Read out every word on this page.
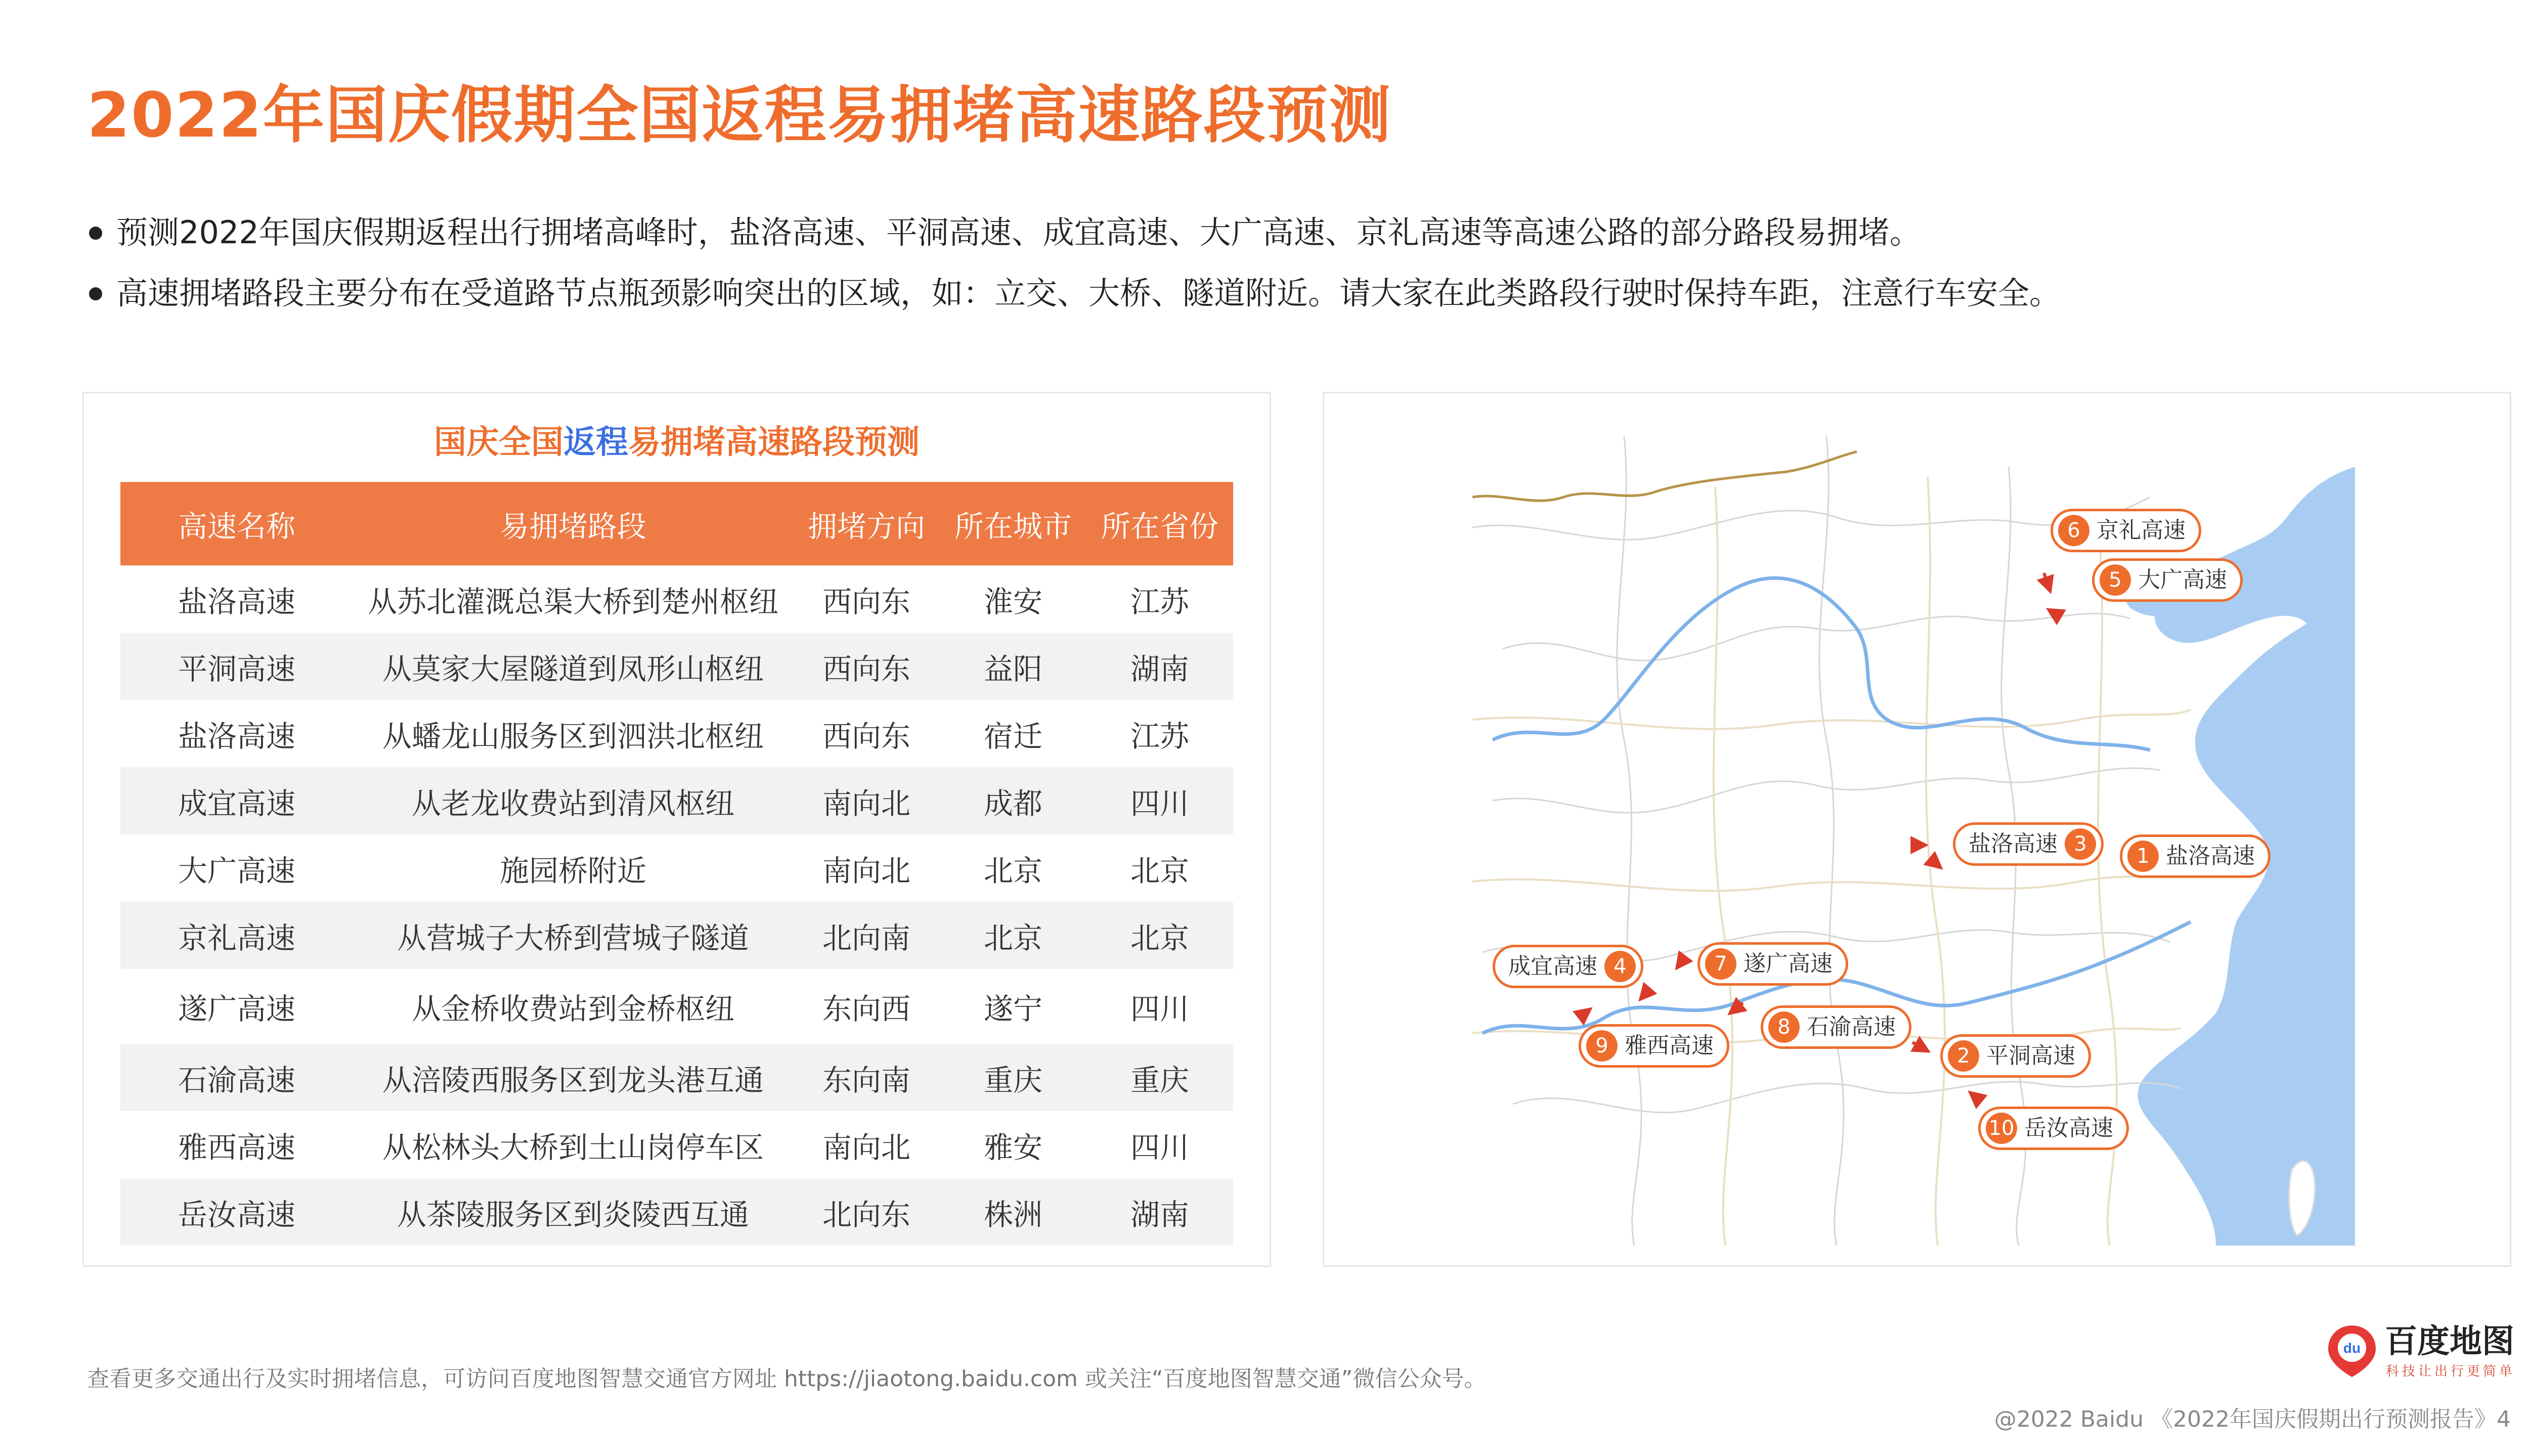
2022年国庆假期全国返程易拥堵高速路段预测
预测2022年国庆假期返程出行拥堵高峰时，盐洛高速、平洞高速、成宜高速、大广高速、京礼高速等高速公路的部分路段易拥堵。
高速拥堵路段主要分布在受道路节点瓶颈影响突出的区域，如：立交、大桥、隧道附近。请大家在此类路段行驶时保持车距，注意行车安全。
国庆全国返程易拥堵高速路段预测
高速名称	易拥堵路段	拥堵方向	所在城市	所在省份
盐洛高速	从苏北灌溉总渠大桥到楚州枢纽	西向东	淮安	江苏
平洞高速	从莫家大屋隧道到凤形山枢纽	西向东	益阳	湖南
盐洛高速	从蟠龙山服务区到泗洪北枢纽	西向东	宿迁	江苏
成宜高速	从老龙收费站到清风枢纽	南向北	成都	四川
大广高速	施园桥附近	南向北	北京	北京
京礼高速	从营城子大桥到营城子隧道	北向南	北京	北京
遂广高速	从金桥收费站到金桥枢纽	东向西	遂宁	四川
石渝高速	从涪陵西服务区到龙头港互通	东向南	重庆	重庆
雅西高速	从松林头大桥到土山岗停车区	南向北	雅安	四川
岳汝高速	从茶陵服务区到炎陵西互通	北向东	株洲	湖南
6 京礼高速
5 大广高速
盐洛高速 3
1 盐洛高速
成宜高速 4	7 遂广高速
8 石渝高速
9 雅西高速	2 平洞高速
10 岳汝高速
查看更多交通出行及实时拥堵信息，可访问百度地图智慧交通官方网址 https://jiaotong.baidu.com 或关注“百度地图智慧交通”微信公众号。
du 百度地图
科技让出行更简单
@2022 Baidu 《2022年国庆假期出行预测报告》4
